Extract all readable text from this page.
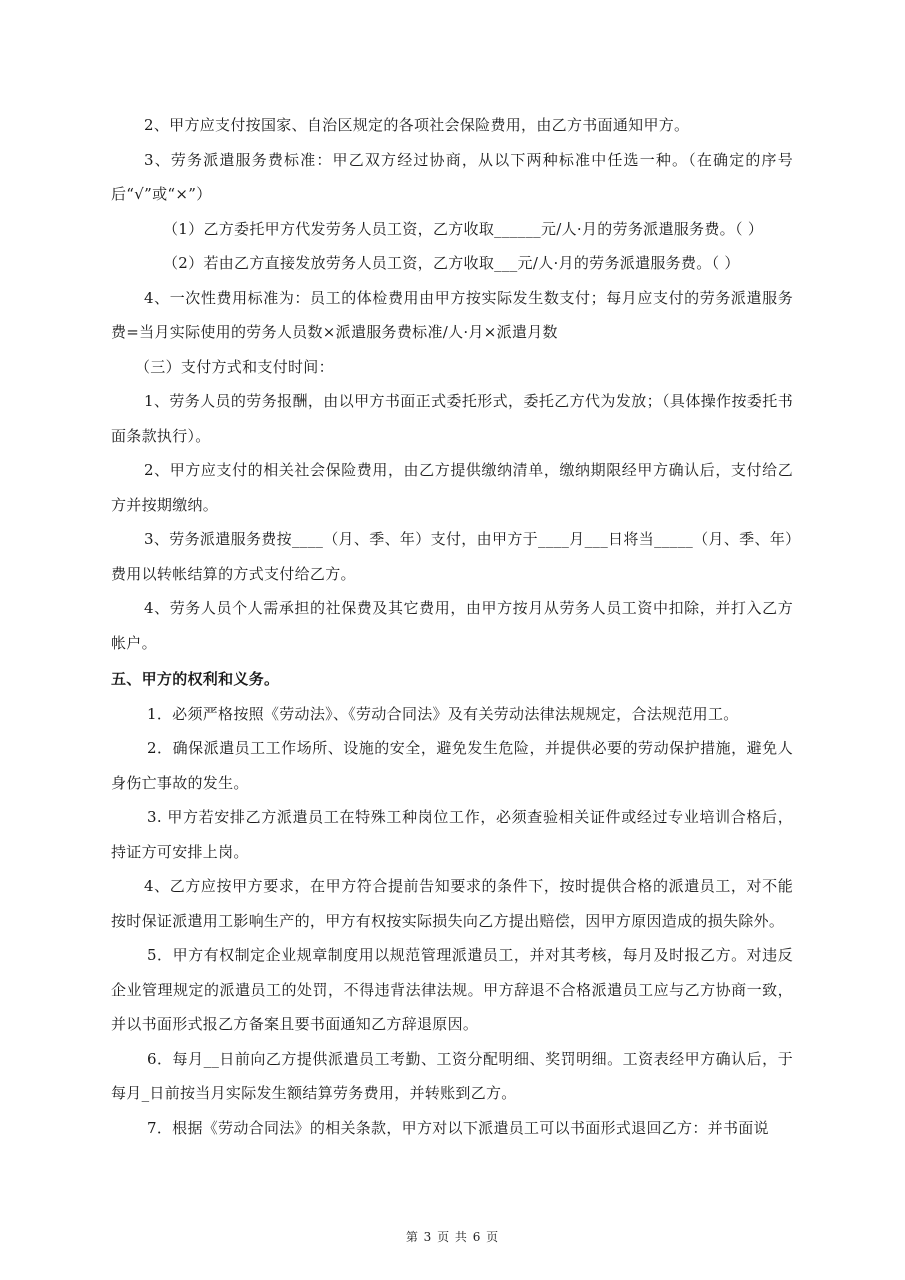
2、甲方应支付按国家、自治区规定的各项社会保险费用，由乙方书面通知甲方。

3、劳务派遣服务费标准：甲乙双方经过协商，从以下两种标准中任选一种。（在确定的序号后“√”或“×”）

（1）乙方委托甲方代发劳务人员工资，乙方收取______元/人·月的劳务派遣服务费。（ ）

（2）若由乙方直接发放劳务人员工资，乙方收取___元/人·月的劳务派遣服务费。（ ）

4、一次性费用标准为：员工的体检费用由甲方按实际发生数支付；每月应支付的劳务派遣服务费=当月实际使用的劳务人员数×派遣服务费标准/人·月×派遣月数

（三）支付方式和支付时间：

1、劳务人员的劳务报酬，由以甲方书面正式委托形式，委托乙方代为发放；（具体操作按委托书面条款执行）。

2、甲方应支付的相关社会保险费用，由乙方提供缴纳清单，缴纳期限经甲方确认后，支付给乙方并按期缴纳。

3、劳务派遣服务费按____（月、季、年）支付，由甲方于____月___日将当_____（月、季、年）费用以转帐结算的方式支付给乙方。

4、劳务人员个人需承担的社保费及其它费用，由甲方按月从劳务人员工资中扣除，并打入乙方帐户。

五、甲方的权利和义务。

1．必须严格按照《劳动法》、《劳动合同法》及有关劳动法律法规规定，合法规范用工。

2．确保派遣员工工作场所、设施的安全，避免发生危险，并提供必要的劳动保护措施，避免人身伤亡事故的发生。

3. 甲方若安排乙方派遣员工在特殊工种岗位工作，必须查验相关证件或经过专业培训合格后，持证方可安排上岗。

4、乙方应按甲方要求，在甲方符合提前告知要求的条件下，按时提供合格的派遣员工，对不能按时保证派遣用工影响生产的，甲方有权按实际损失向乙方提出赔偿，因甲方原因造成的损失除外。

5．甲方有权制定企业规章制度用以规范管理派遣员工，并对其考核，每月及时报乙方。对违反企业管理规定的派遣员工的处罚，不得违背法律法规。甲方辞退不合格派遣员工应与乙方协商一致，并以书面形式报乙方备案且要书面通知乙方辞退原因。

6．每月__日前向乙方提供派遣员工考勤、工资分配明细、奖罚明细。工资表经甲方确认后，于每月_日前按当月实际发生额结算劳务费用，并转账到乙方。

7．根据《劳动合同法》的相关条款，甲方对以下派遣员工可以书面形式退回乙方：并书面说

第 3 页 共 6 页
